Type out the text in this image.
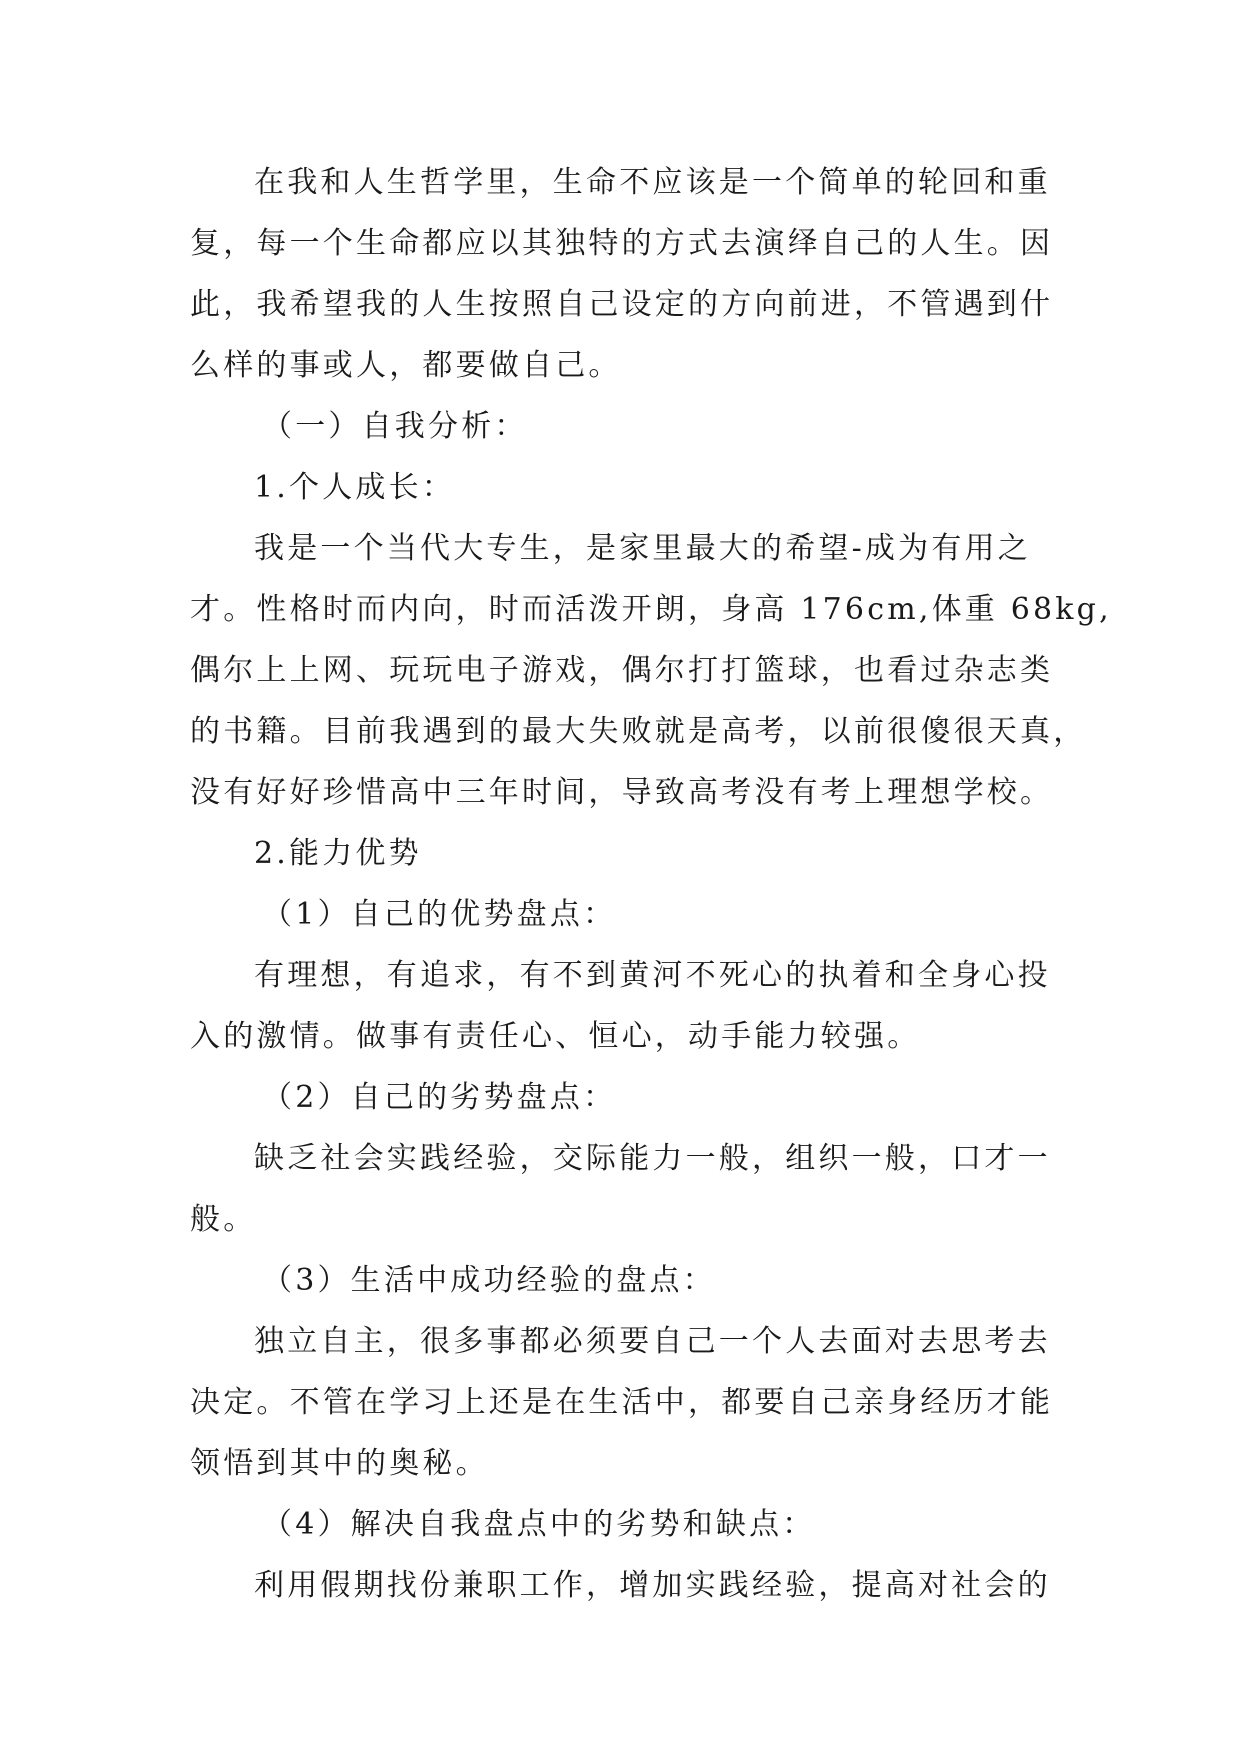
在我和人生哲学里，生命不应该是一个简单的轮回和重
复，每一个生命都应以其独特的方式去演绎自己的人生。因
此，我希望我的人生按照自己设定的方向前进，不管遇到什
么样的事或人，都要做自己。
（一）自我分析：
1.个人成长：
我是一个当代大专生，是家里最大的希望-成为有用之
才。性格时而内向，时而活泼开朗，身高 176cm,体重 68kg,
偶尔上上网、玩玩电子游戏，偶尔打打篮球，也看过杂志类
的书籍。目前我遇到的最大失败就是高考，以前很傻很天真，
没有好好珍惜高中三年时间，导致高考没有考上理想学校。
2.能力优势
（1）自己的优势盘点：
有理想，有追求，有不到黄河不死心的执着和全身心投
入的激情。做事有责任心、恒心，动手能力较强。
（2）自己的劣势盘点：
缺乏社会实践经验，交际能力一般，组织一般，口才一
般。
（3）生活中成功经验的盘点：
独立自主，很多事都必须要自己一个人去面对去思考去
决定。不管在学习上还是在生活中，都要自己亲身经历才能
领悟到其中的奥秘。
（4）解决自我盘点中的劣势和缺点：
利用假期找份兼职工作，增加实践经验，提高对社会的
